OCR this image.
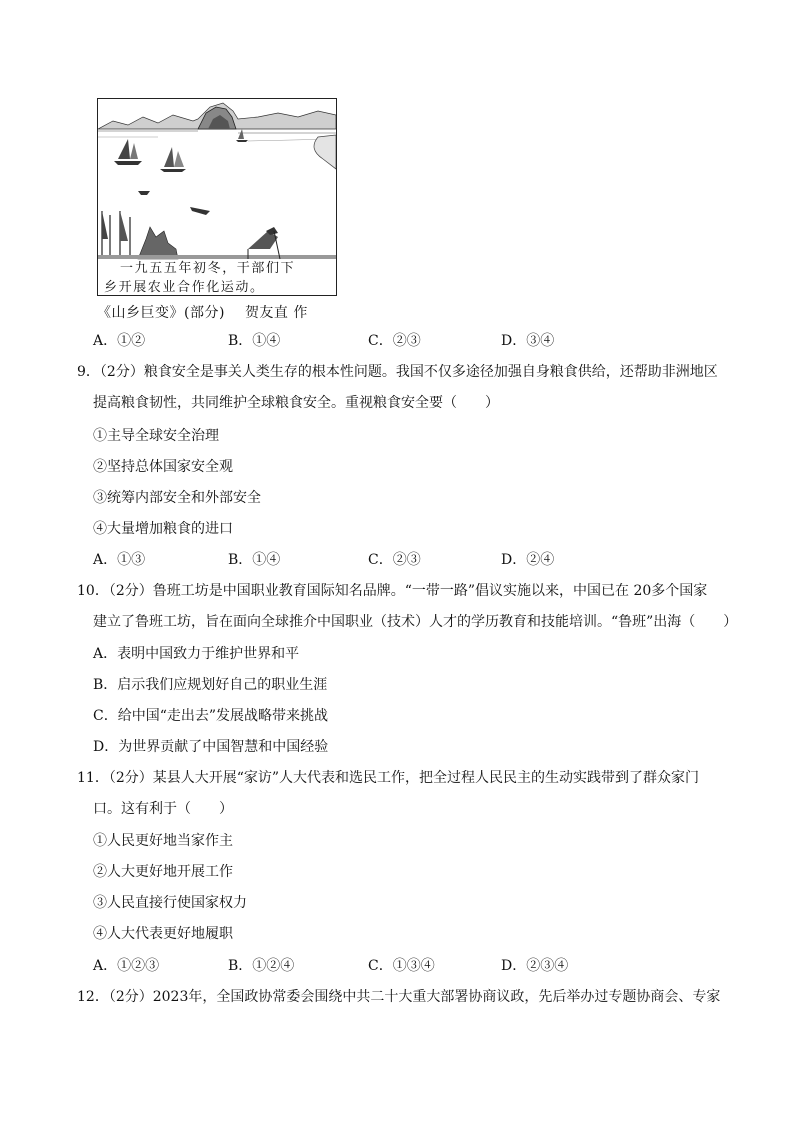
一九五五年初冬，干部们下
乡开展农业合作化运动。
《山乡巨变》(部分) 贺友直 作
A．①②	B．①④	C．②③	D．③④
9．（2分）粮食安全是事关人类生存的根本性问题。我国不仅多途径加强自身粮食供给，还帮助非洲地区
提高粮食韧性，共同维护全球粮食安全。重视粮食安全要（　　）
①主导全球安全治理
②坚持总体国家安全观
③统筹内部安全和外部安全
④大量增加粮食的进口
A．①③	B．①④	C．②③	D．②④
10．（2分）鲁班工坊是中国职业教育国际知名品牌。“一带一路”倡议实施以来，中国已在 20多个国家
建立了鲁班工坊，旨在面向全球推介中国职业（技术）人才的学历教育和技能培训。“鲁班”出海（　　）
A．表明中国致力于维护世界和平
B．启示我们应规划好自己的职业生涯
C．给中国“走出去”发展战略带来挑战
D．为世界贡献了中国智慧和中国经验
11．（2分）某县人大开展“家访”人大代表和选民工作，把全过程人民民主的生动实践带到了群众家门
口。这有利于（　　）
①人民更好地当家作主
②人大更好地开展工作
③人民直接行使国家权力
④人大代表更好地履职
A．①②③	B．①②④	C．①③④	D．②③④
12．（2分）2023年，全国政协常委会围绕中共二十大重大部署协商议政，先后举办过专题协商会、专家
